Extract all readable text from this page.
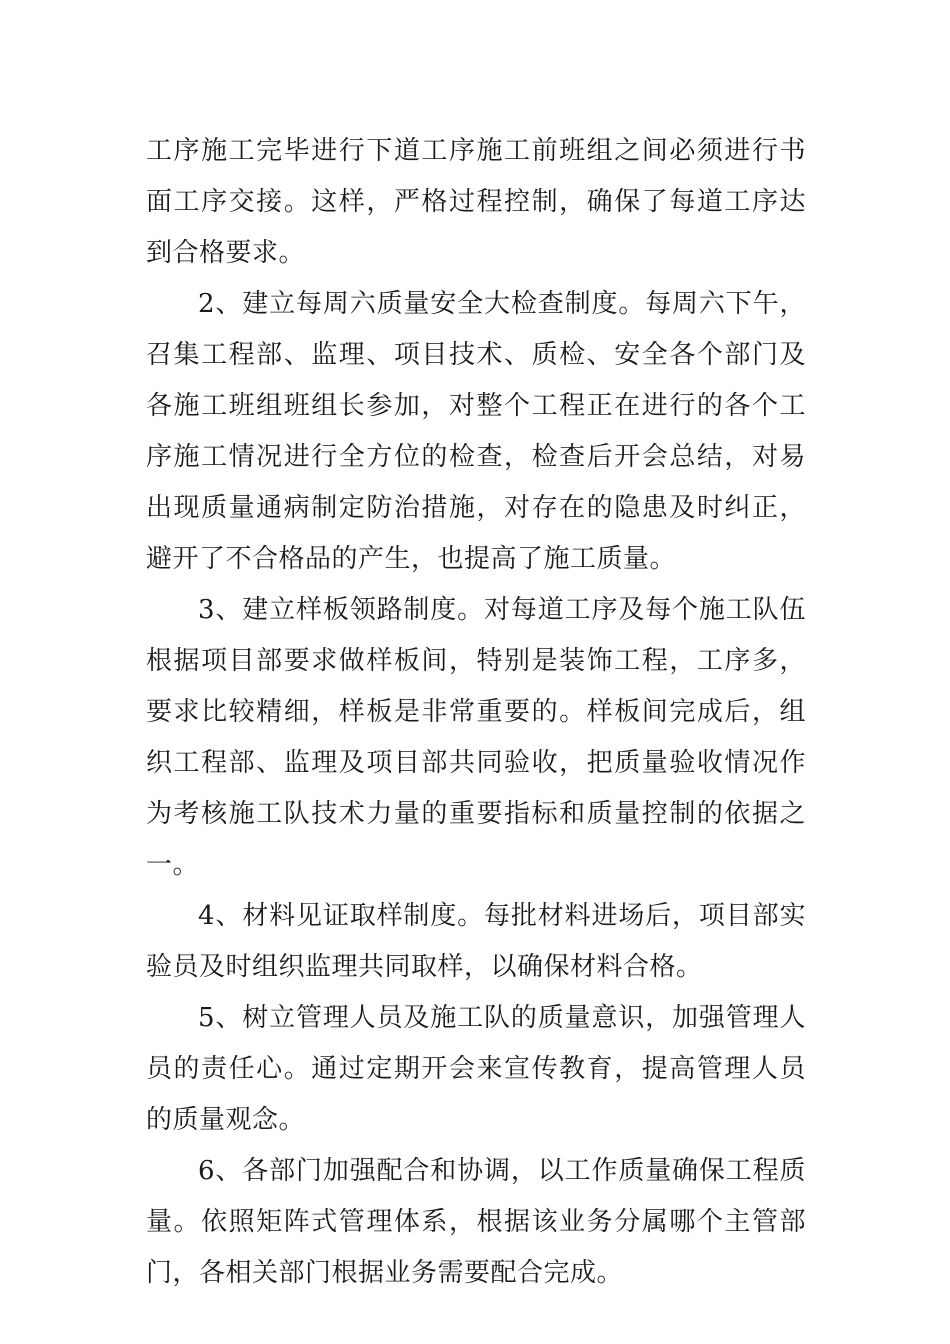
工序施工完毕进行下道工序施工前班组之间必须进行书面工序交接。这样，严格过程控制，确保了每道工序达到合格要求。

2、建立每周六质量安全大检查制度。每周六下午，召集工程部、监理、项目技术、质检、安全各个部门及各施工班组班组长参加，对整个工程正在进行的各个工序施工情况进行全方位的检查，检查后开会总结，对易出现质量通病制定防治措施，对存在的隐患及时纠正，避开了不合格品的产生，也提高了施工质量。

3、建立样板领路制度。对每道工序及每个施工队伍根据项目部要求做样板间，特别是装饰工程，工序多，要求比较精细，样板是非常重要的。样板间完成后，组织工程部、监理及项目部共同验收，把质量验收情况作为考核施工队技术力量的重要指标和质量控制的依据之一。

4、材料见证取样制度。每批材料进场后，项目部实验员及时组织监理共同取样，以确保材料合格。

5、树立管理人员及施工队的质量意识，加强管理人员的责任心。通过定期开会来宣传教育，提高管理人员的质量观念。

6、各部门加强配合和协调，以工作质量确保工程质量。依照矩阵式管理体系，根据该业务分属哪个主管部门，各相关部门根据业务需要配合完成。
